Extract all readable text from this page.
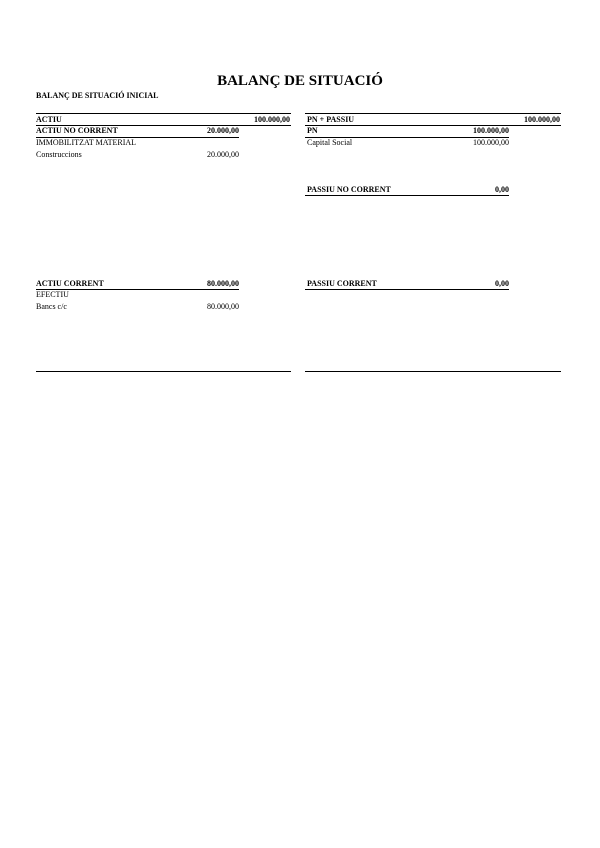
BALANÇ DE SITUACIÓ
BALANÇ DE SITUACIÓ INICIAL
ACTIU	100.000,00
ACTIU NO CORRENT	20.000,00
IMMOBILITZAT MATERIAL
Construccions	20.000,00
ACTIU CORRENT	80.000,00
EFECTIU
Bancs c/c	80.000,00
PN + PASSIU	100.000,00
PN	100.000,00
Capital Social	100.000,00
PASSIU NO CORRENT	0,00
PASSIU CORRENT	0,00
